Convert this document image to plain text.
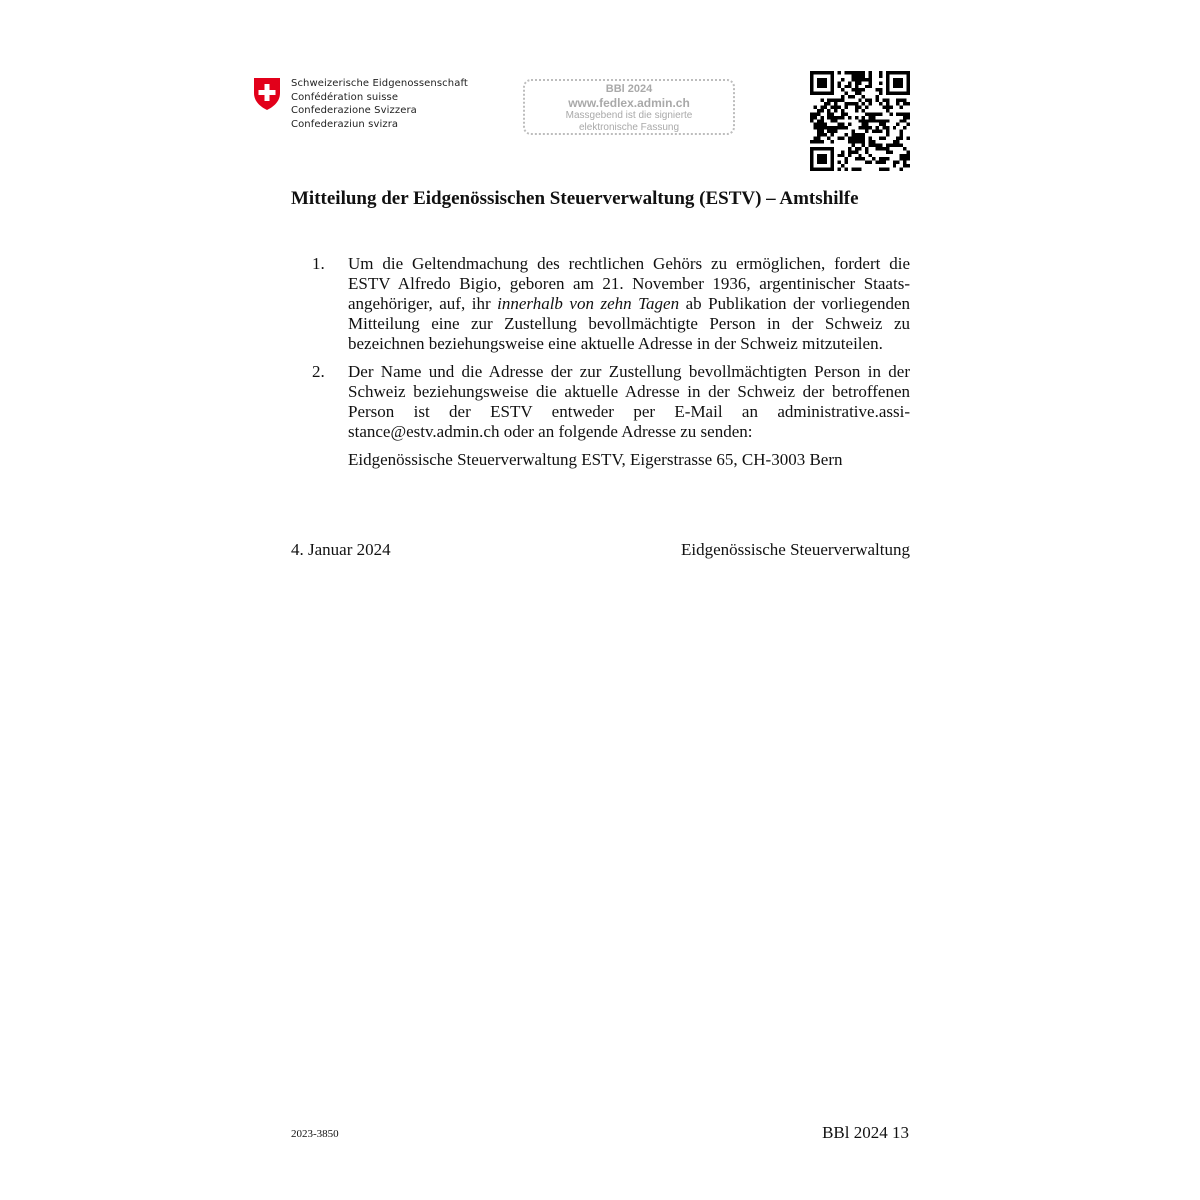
Schweizerische Eidgenossenschaft
Confédération suisse
Confederazione Svizzera
Confederaziun svizra
BBl 2024
www.fedlex.admin.ch
Massgebend ist die signierte
elektronische Fassung
Mitteilung der Eidgenössischen Steuerverwaltung (ESTV) – Amtshilfe
1. Um die Geltendmachung des rechtlichen Gehörs zu ermöglichen, fordert die ESTV Alfredo Bigio, geboren am 21. November 1936, argentinischer Staatsangehöriger, auf, ihr innerhalb von zehn Tagen ab Publikation der vorliegenden Mitteilung eine zur Zustellung bevollmächtigte Person in der Schweiz zu bezeichnen beziehungsweise eine aktuelle Adresse in der Schweiz mitzuteilen.

2. Der Name und die Adresse der zur Zustellung bevollmächtigten Person in der Schweiz beziehungsweise die aktuelle Adresse in der Schweiz der betroffenen Person ist der ESTV entweder per E-Mail an administrative.assistance@estv.admin.ch oder an folgende Adresse zu senden:

Eidgenössische Steuerverwaltung ESTV, Eigerstrasse 65, CH-3003 Bern

4. Januar 2024	Eidgenössische Steuerverwaltung
2023-3850	BBl 2024 13
